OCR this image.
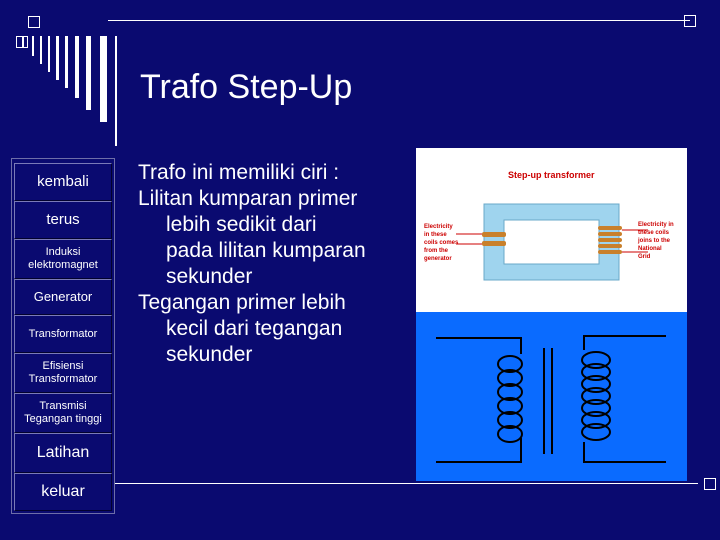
Trafo Step-Up
kembali
terus
Induksi elektromagnet
Generator
Transformator
Efisiensi Transformator
Transmisi Tegangan tinggi
Latihan
keluar

Trafo ini memiliki ciri :

Lilitan kumparan primer

lebih sedikit dari

pada lilitan kumparan

sekunder

Tegangan primer lebih

kecil dari tegangan

sekunder

Step-up transformer
Electricity
in these
coils comes
from the
generator
Electricity in
these coils
joins to the
National
Grid
